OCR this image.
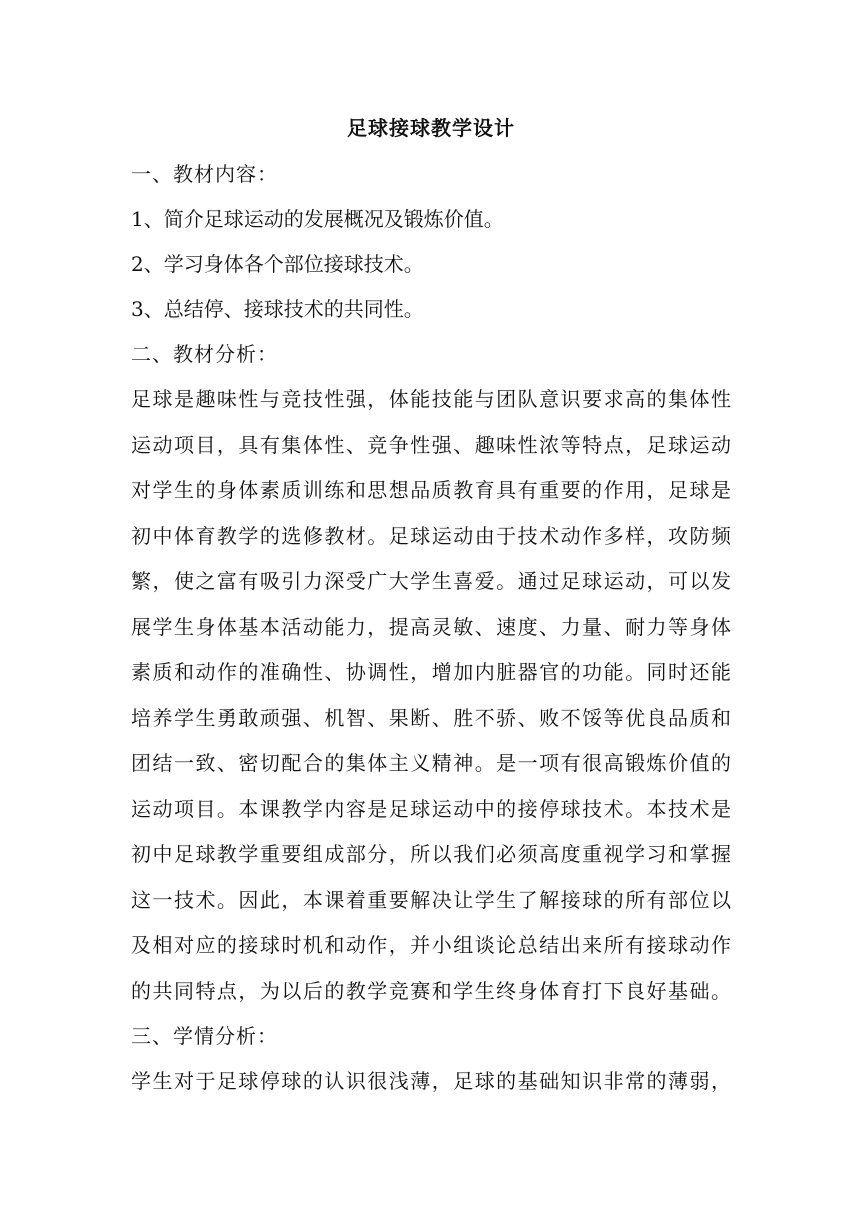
足球接球教学设计
一、教材内容：
1、简介足球运动的发展概况及锻炼价值。
2、学习身体各个部位接球技术。
3、总结停、接球技术的共同性。
二、教材分析：
足球是趣味性与竞技性强，体能技能与团队意识要求高的集体性
运动项目，具有集体性、竞争性强、趣味性浓等特点，足球运动
对学生的身体素质训练和思想品质教育具有重要的作用，足球是
初中体育教学的选修教材。足球运动由于技术动作多样，攻防频
繁，使之富有吸引力深受广大学生喜爱。通过足球运动，可以发
展学生身体基本活动能力，提高灵敏、速度、力量、耐力等身体
素质和动作的准确性、协调性，增加内脏器官的功能。同时还能
培养学生勇敢顽强、机智、果断、胜不骄、败不馁等优良品质和
团结一致、密切配合的集体主义精神。是一项有很高锻炼价值的
运动项目。本课教学内容是足球运动中的接停球技术。本技术是
初中足球教学重要组成部分，所以我们必须高度重视学习和掌握
这一技术。因此，本课着重要解决让学生了解接球的所有部位以
及相对应的接球时机和动作，并小组谈论总结出来所有接球动作
的共同特点，为以后的教学竞赛和学生终身体育打下良好基础。
三、学情分析：
学生对于足球停球的认识很浅薄，足球的基础知识非常的薄弱，
